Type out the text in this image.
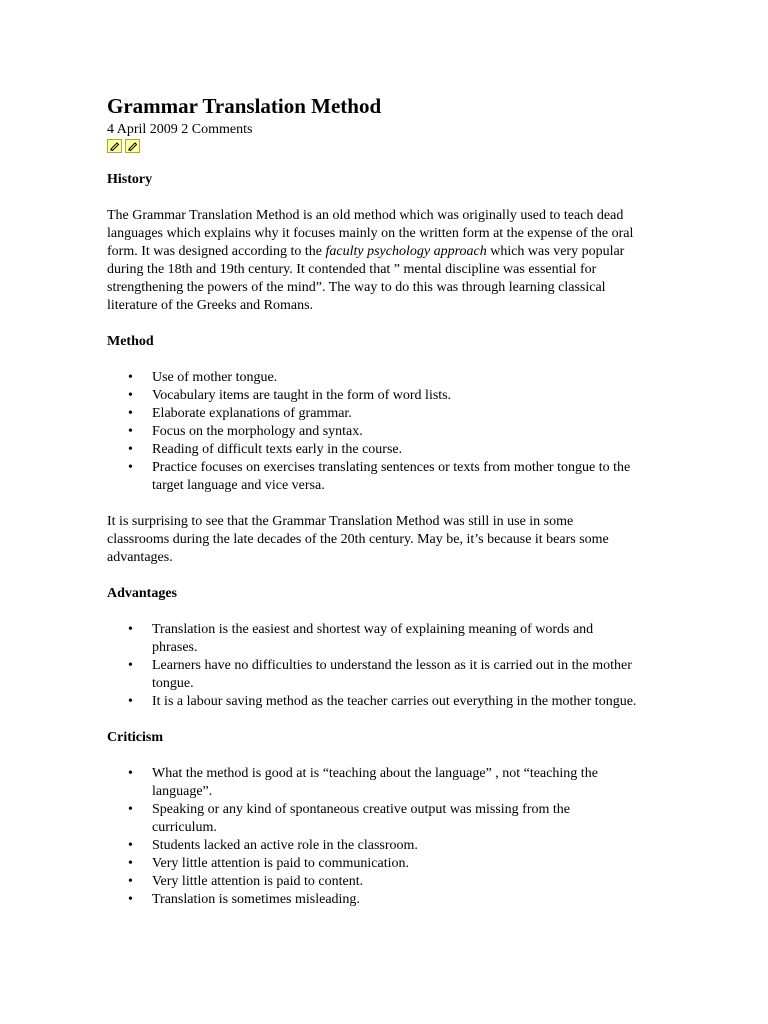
Grammar Translation Method
4 April 2009 2 Comments
History

The Grammar Translation Method is an old method which was originally used to teach dead languages which explains why it focuses mainly on the written form at the expense of the oral form. It was designed according to the faculty psychology approach which was very popular during the 18th and 19th century. It contended that ” mental discipline was essential for strengthening the powers of the mind”. The way to do this was through learning classical literature of the Greeks and Romans.

Method
• Use of mother tongue.
• Vocabulary items are taught in the form of word lists.
• Elaborate explanations of grammar.
• Focus on the morphology and syntax.
• Reading of difficult texts early in the course.
• Practice focuses on exercises translating sentences or texts from mother tongue to the target language and vice versa.

It is surprising to see that the Grammar Translation Method was still in use in some classrooms during the late decades of the 20th century. May be, it’s because it bears some advantages.

Advantages
• Translation is the easiest and shortest way of explaining meaning of words and phrases.
• Learners have no difficulties to understand the lesson as it is carried out in the mother tongue.
• It is a labour saving method as the teacher carries out everything in the mother tongue.
Criticism
• What the method is good at is “teaching about the language” , not “teaching the language”.
• Speaking or any kind of spontaneous creative output was missing from the curriculum.
• Students lacked an active role in the classroom.
• Very little attention is paid to communication.
• Very little attention is paid to content.
• Translation is sometimes misleading.
